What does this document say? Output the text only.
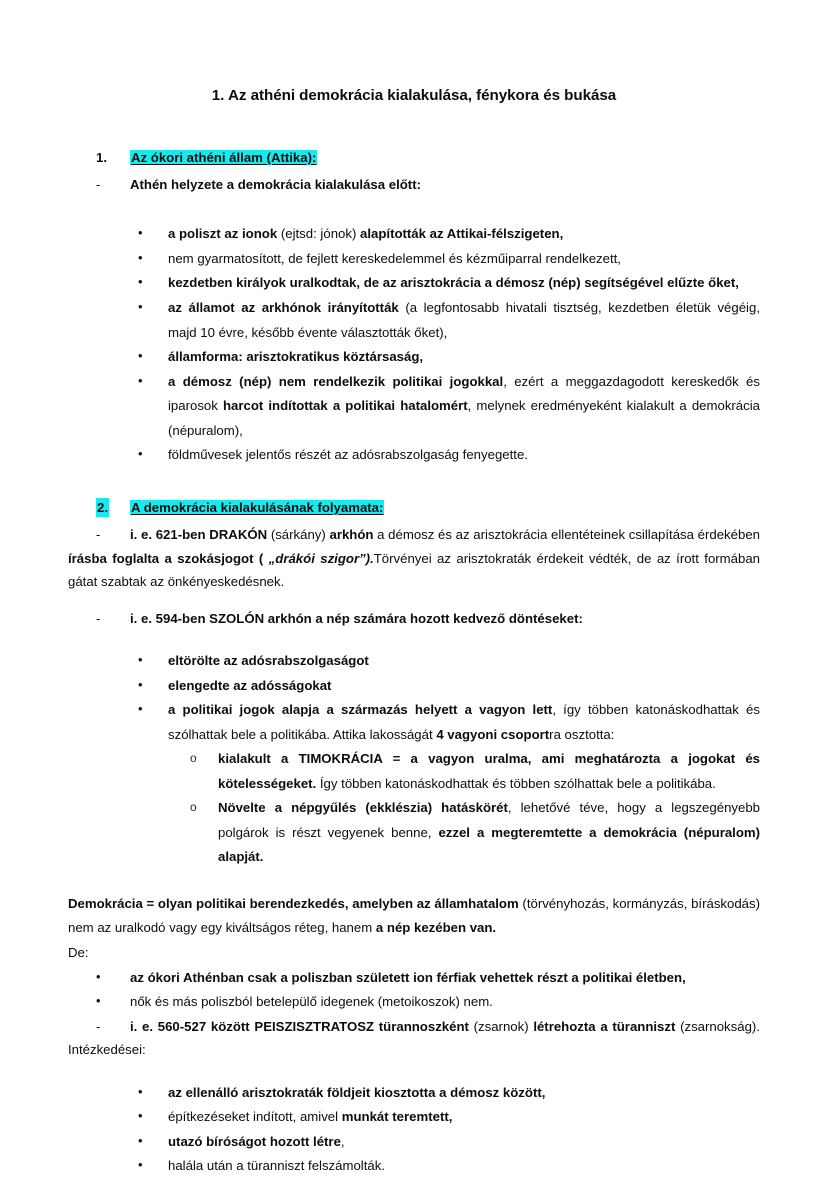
1. Az athéni demokrácia kialakulása, fénykora és bukása
1. Az ókori athéni állam (Attika):
-	Athén helyzete a demokrácia kialakulása előtt:
• a poliszt az ionok (ejtsd: jónok) alapították az Attikai-félszigeten,
• nem gyarmatosított, de fejlett kereskedelemmel és kézműiparral rendelkezett,
• kezdetben királyok uralkodtak, de az arisztokrácia a démosz (nép) segítségével elűzte őket,
• az államot az arkhónok irányították (a legfontosabb hivatali tisztség, kezdetben életük végéig, majd 10 évre, később évente választották őket),
• államforma: arisztokratikus köztársaság,
• a démosz (nép) nem rendelkezik politikai jogokkal, ezért a meggazdagodott kereskedők és iparosok harcot indítottak a politikai hatalomért, melynek eredményeként kialakult a demokrácia (népuralom),
• földművesek jelentős részét az adósrabszolgaság fenyegette.
2. A demokrácia kialakulásának folyamata:
-	i. e. 621-ben DRAKÓN (sárkány) arkhón a démosz és az arisztokrácia ellentéteinek csillapítása érdekében írásba foglalta a szokásjogot ( „drákói szigor”).Törvényei az arisztokraták érdekeit védték, de az írott formában gátat szabtak az önkényeskedésnek.
-	i. e. 594-ben SZOLÓN arkhón a nép számára hozott kedvező döntéseket:
• eltörölte az adósrabszolgaságot
• elengedte az adósságokat
• a politikai jogok alapja a származás helyett a vagyon lett, így többen katonáskodhattak és szólhattak bele a politikába. Attika lakosságát 4 vagyoni csoportra osztotta:
o kialakult a TIMOKRÁCIA = a vagyon uralma, ami meghatározta a jogokat és kötelességeket. Így többen katonáskodhattak és többen szólhattak bele a politikába.
o Növelte a népgyűlés (ekklészia) hatáskörét, lehetővé téve, hogy a legszegényebb polgárok is részt vegyenek benne, ezzel a megteremtette a demokrácia (népuralom) alapját.

Demokrácia = olyan politikai berendezkedés, amelyben az államhatalom (törvényhozás, kormányzás, bíráskodás) nem az uralkodó vagy egy kiváltságos réteg, hanem a nép kezében van.

De:

• az ókori Athénban csak a poliszban született ion férfiak vehettek részt a politikai életben,
• nők és más poliszból betelepülő idegenek (metoikoszok) nem.
-	i. e. 560-527 között PEISZISZTRATOSZ türannoszként (zsarnok) létrehozta a türanniszt (zsarnokság). Intézkedései:
• az ellenálló arisztokraták földjeit kiosztotta a démosz között,
• építkezéseket indított, amivel munkát teremtett,
• utazó bíróságot hozott létre,
• halála után a türanniszt felszámolták.
